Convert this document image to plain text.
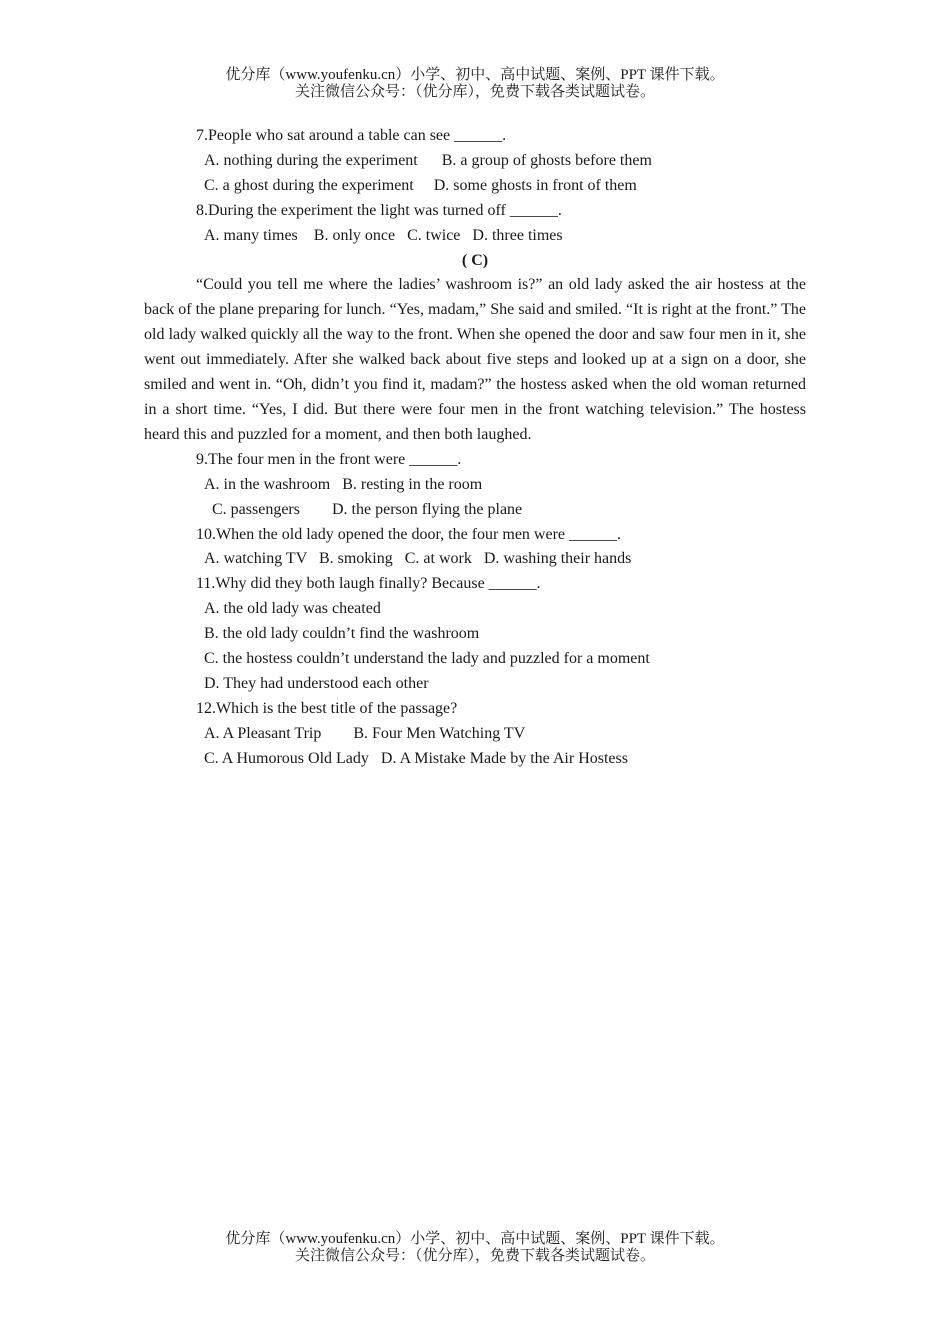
优分库（www.youfenku.cn）小学、初中、高中试题、案例、PPT 课件下载。
关注微信公众号：（优分库），免费下载各类试题试卷。
7.People who sat around a table can see ______.
A. nothing during the experiment      B. a group of ghosts before them
C. a ghost during the experiment     D. some ghosts in front of them
8.During the experiment the light was turned off ______.
A. many times    B. only once   C. twice   D. three times
( C)

“Could you tell me where the ladies’ washroom is?” an old lady asked the air hostess at the back of the plane preparing for lunch. “Yes, madam,” She said and smiled. “It is right at the front.” The old lady walked quickly all the way to the front. When she opened the door and saw four men in it, she went out immediately. After she walked back about five steps and looked up at a sign on a door, she smiled and went in. “Oh, didn’t you find it, madam?” the hostess asked when the old woman returned in a short time. “Yes, I did. But there were four men in the front watching television.” The hostess heard this and puzzled for a moment, and then both laughed.

9.The four men in the front were ______.
A. in the washroom   B. resting in the room
C. passengers        D. the person flying the plane
10.When the old lady opened the door, the four men were ______.
A. watching TV   B. smoking   C. at work   D. washing their hands
11.Why did they both laugh finally? Because ______.
A. the old lady was cheated
B. the old lady couldn’t find the washroom
C. the hostess couldn’t understand the lady and puzzled for a moment
D. They had understood each other
12.Which is the best title of the passage?
A. A Pleasant Trip        B. Four Men Watching TV
C. A Humorous Old Lady   D. A Mistake Made by the Air Hostess
优分库（www.youfenku.cn）小学、初中、高中试题、案例、PPT 课件下载。
关注微信公众号：（优分库），免费下载各类试题试卷。
